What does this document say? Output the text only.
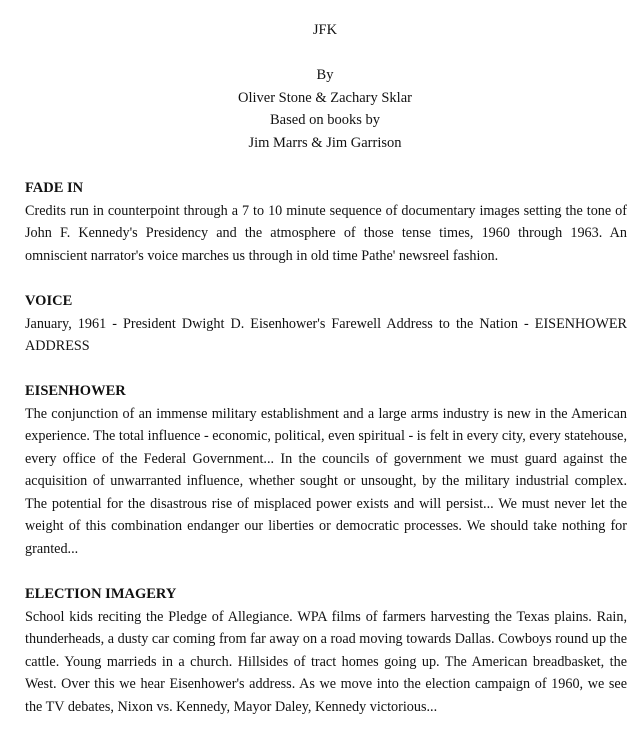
JFK
By
Oliver Stone & Zachary Sklar
Based on books by
Jim Marrs & Jim Garrison
FADE IN

Credits run in counterpoint through a 7 to 10 minute sequence of documentary images setting the tone of John F. Kennedy's Presidency and the atmosphere of those tense times, 1960 through 1963. An omniscient narrator's voice marches us through in old time Pathe' newsreel fashion.

VOICE

January, 1961 - President Dwight D. Eisenhower's Farewell Address to the Nation - EISENHOWER ADDRESS

EISENHOWER

The conjunction of an immense military establishment and a large arms industry is new in the American experience. The total influence - economic, political, even spiritual - is felt in every city, every statehouse, every office of the Federal Government... In the councils of government we must guard against the acquisition of unwarranted influence, whether sought or unsought, by the military industrial complex. The potential for the disastrous rise of misplaced power exists and will persist... We must never let the weight of this combination endanger our liberties or democratic processes. We should take nothing for granted...

ELECTION IMAGERY

School kids reciting the Pledge of Allegiance. WPA films of farmers harvesting the Texas plains. Rain, thunderheads, a dusty car coming from far away on a road moving towards Dallas. Cowboys round up the cattle. Young marrieds in a church. Hillsides of tract homes going up. The American breadbasket, the West. Over this we hear Eisenhower's address. As we move into the election campaign of 1960, we see the TV debates, Nixon vs. Kennedy, Mayor Daley, Kennedy victorious...
